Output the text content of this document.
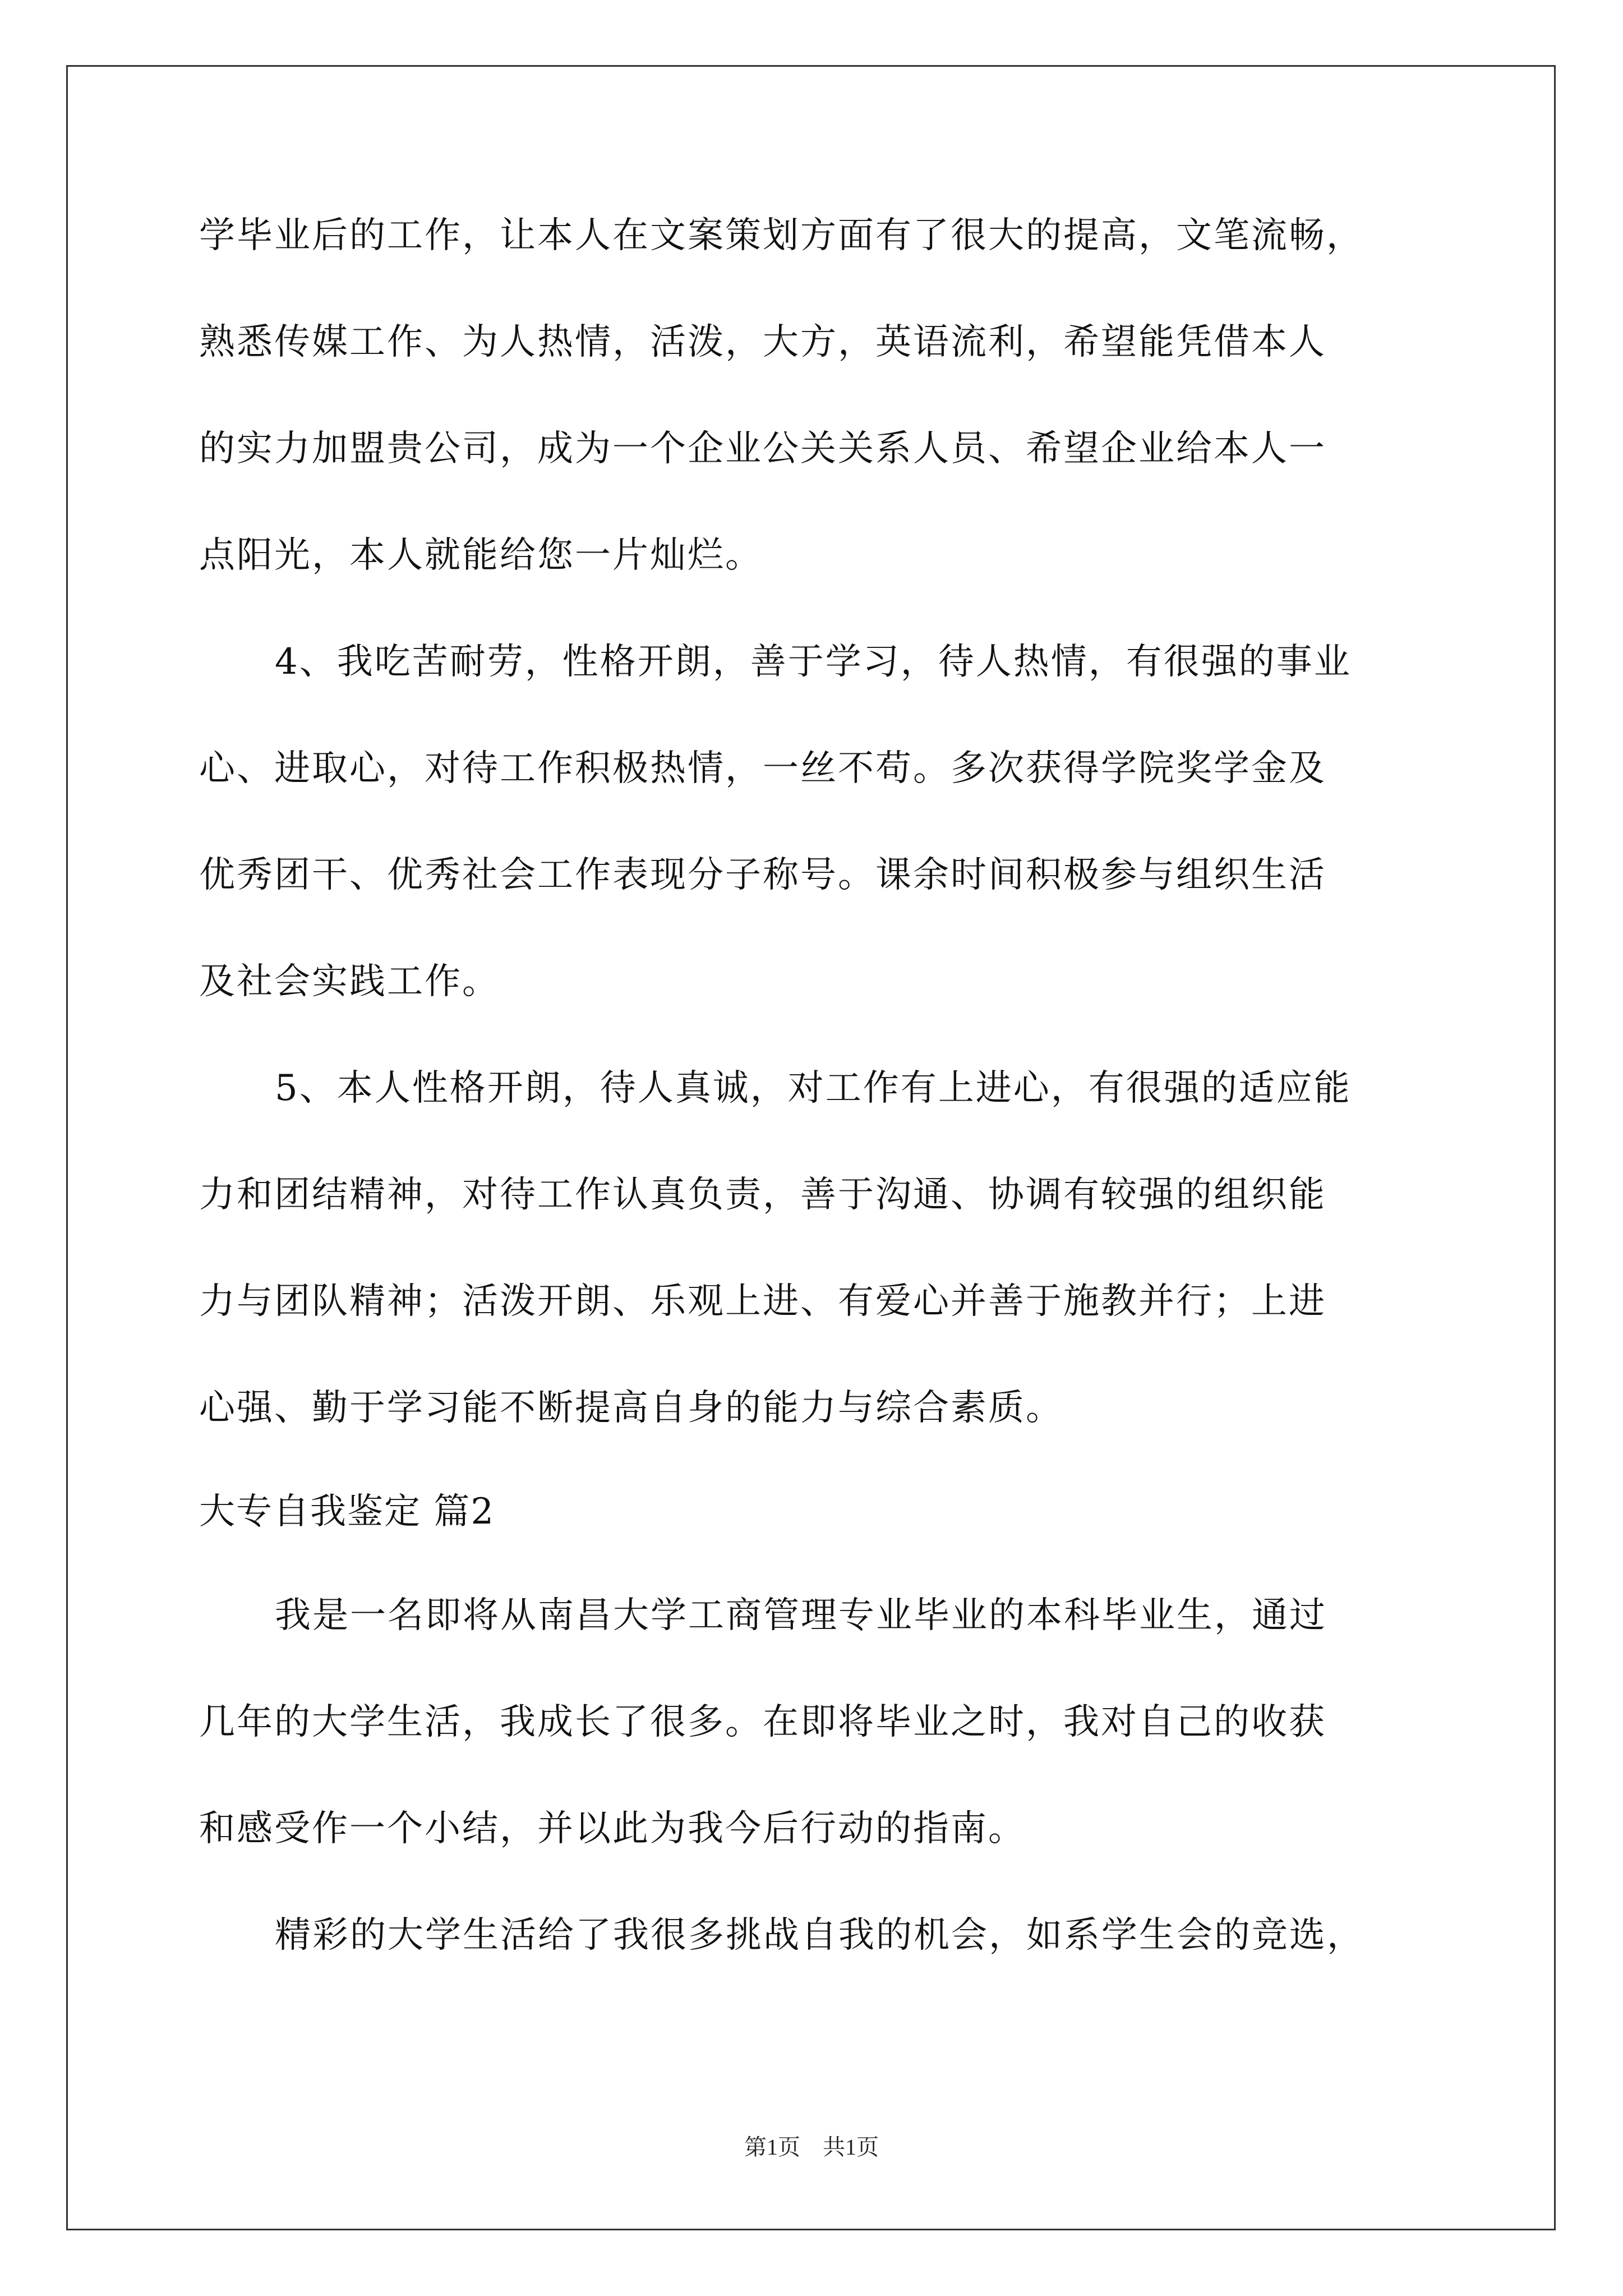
学毕业后的工作，让本人在文案策划方面有了很大的提高，文笔流畅，
熟悉传媒工作、为人热情，活泼，大方，英语流利，希望能凭借本人
的实力加盟贵公司，成为一个企业公关关系人员、希望企业给本人一
点阳光，本人就能给您一片灿烂。
4、我吃苦耐劳，性格开朗，善于学习，待人热情，有很强的事业
心、进取心，对待工作积极热情，一丝不苟。多次获得学院奖学金及
优秀团干、优秀社会工作表现分子称号。课余时间积极参与组织生活
及社会实践工作。
5、本人性格开朗，待人真诚，对工作有上进心，有很强的适应能
力和团结精神，对待工作认真负责，善于沟通、协调有较强的组织能
力与团队精神；活泼开朗、乐观上进、有爱心并善于施教并行；上进
心强、勤于学习能不断提高自身的能力与综合素质。
大专自我鉴定 篇2
我是一名即将从南昌大学工商管理专业毕业的本科毕业生，通过
几年的大学生活，我成长了很多。在即将毕业之时，我对自己的收获
和感受作一个小结，并以此为我今后行动的指南。
精彩的大学生活给了我很多挑战自我的机会，如系学生会的竞选，
第1页　共1页
